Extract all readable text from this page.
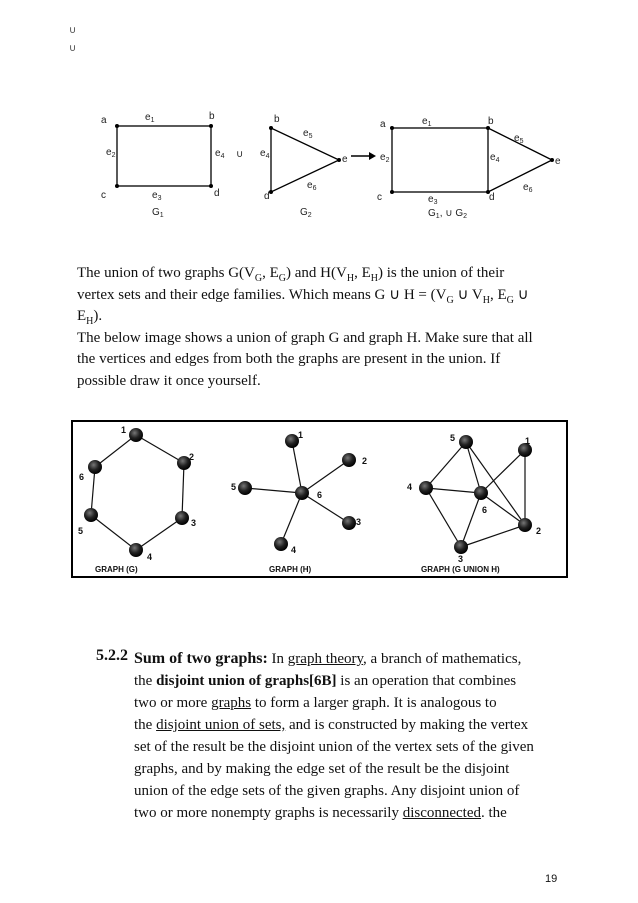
∪
∪
a	b
c	d
$e_1$
$e_2$
$e_3$
$e_4$
$G_1$
∪
b
d
e
$e_4$
$e_5$
$e_6$
$G_2$
a	b
c	d
e
$e_1$
$e_2$
$e_3$
$e_4$
$e_5$
$e_6$
$G_1$, ∪ $G_2$
The union of two graphs $G(V_G$, $E_G$) and $H(V_H$, $E_H$) is the union of their
vertex sets and their edge families. Which means G ∪ $H = (V_G$ ∪ $V_H$, $E_G$ ∪
$E_H$).
The below image shows a union of graph G and graph H. Make sure that all
the vertices and edges from both the graphs are present in the union. If
possible draw it once yourself.
1
2
3
4
5
6
GRAPH (G)
1
2
3
4
5
6
GRAPH (H)
1
2
3
4
5
6
GRAPH (G UNION H)
5.2.2 Sum of two graphs: In graph theory, a branch of mathematics,
the disjoint union of graphs[6B] is an operation that combines
two or more graphs to form a larger graph. It is analogous to
the disjoint union of sets, and is constructed by making the vertex
set of the result be the disjoint union of the vertex sets of the given
graphs, and by making the edge set of the result be the disjoint
union of the edge sets of the given graphs. Any disjoint union of
two or more nonempty graphs is necessarily disconnected. the
19
